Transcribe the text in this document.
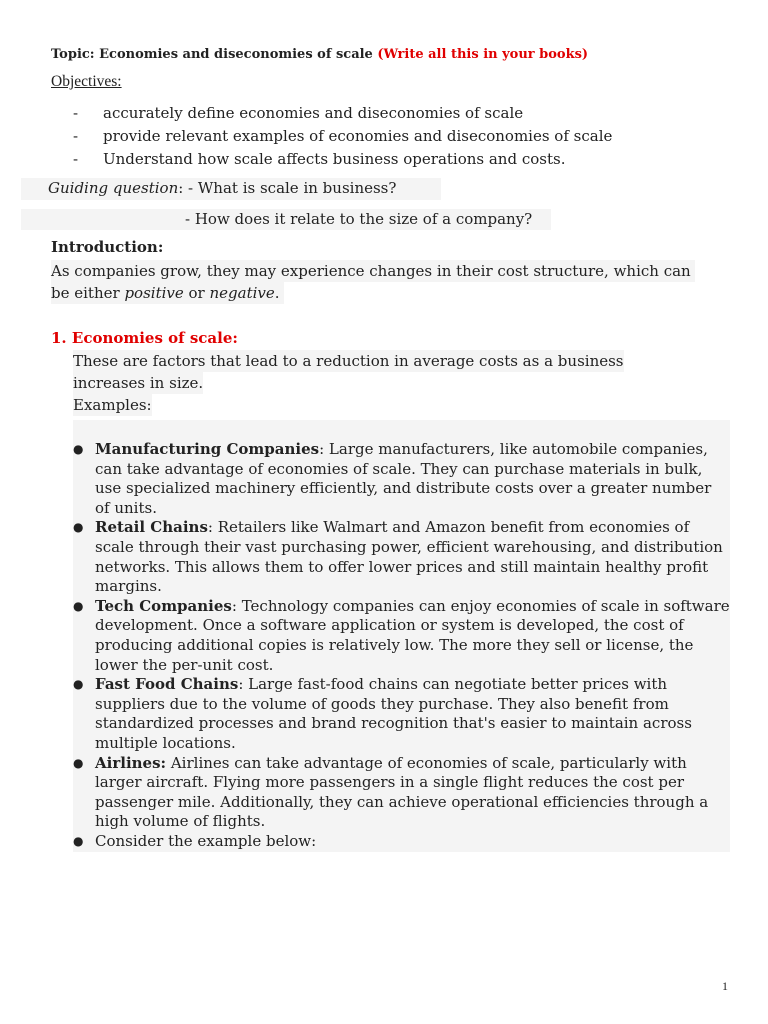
Topic: Economies and diseconomies of scale (Write all this in your books)
Objectives:
- accurately define economies and diseconomies of scale
- provide relevant examples of economies and diseconomies of scale
- Understand how scale affects business operations and costs.
Guiding question: - What is scale in business?
- How does it relate to the size of a company?
Introduction:
As companies grow, they may experience changes in their cost structure, which can
be either positive or negative.
1. Economies of scale:
These are factors that lead to a reduction in average costs as a business
increases in size.
Examples:
● Manufacturing Companies: Large manufacturers, like automobile companies, can take advantage of economies of scale. They can purchase materials in bulk, use specialized machinery efficiently, and distribute costs over a greater number of units.
● Retail Chains: Retailers like Walmart and Amazon benefit from economies of scale through their vast purchasing power, efficient warehousing, and distribution networks. This allows them to offer lower prices and still maintain healthy profit margins.
● Tech Companies: Technology companies can enjoy economies of scale in software development. Once a software application or system is developed, the cost of producing additional copies is relatively low. The more they sell or license, the lower the per-unit cost.
● Fast Food Chains: Large fast-food chains can negotiate better prices with suppliers due to the volume of goods they purchase. They also benefit from standardized processes and brand recognition that's easier to maintain across multiple locations.
● Airlines: Airlines can take advantage of economies of scale, particularly with larger aircraft. Flying more passengers in a single flight reduces the cost per passenger mile. Additionally, they can achieve operational efficiencies through a high volume of flights.
● Consider the example below:
1
